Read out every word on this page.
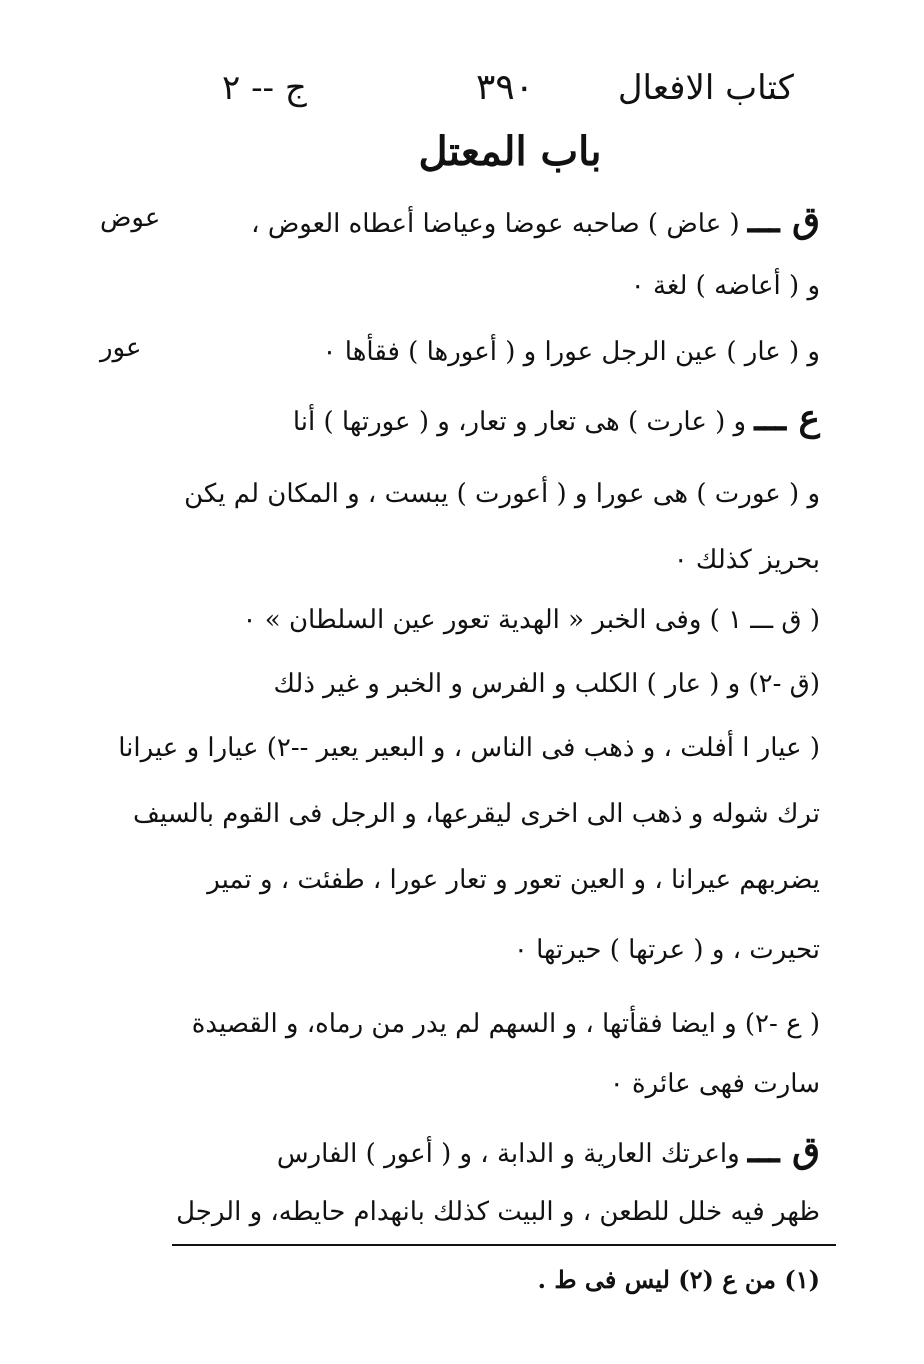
كتاب الافعال
٣٩٠
ج -- ٢
باب المعتل
عوض
عور
ق ـــ ( عاض ) صاحبه عوضا وعياضا أعطاه العوض ،
و ( أعاضه ) لغة ٠
و ( عار ) عين الرجل عورا و ( أعورها ) فقأها ٠
ع ـــ و ( عارت ) هى تعار و تعار، و ( عورتها ) أنا
و ( عورت ) هى عورا و ( أعورت ) يبست ، و المكان لم يكن
بحريز كذلك ٠
( ق ـــ ١ ) وفى الخبر « الهدية تعور عين السلطان » ٠
(ق -٢) و ( عار ) الكلب و الفرس و الخبر و غير ذلك
( عيار ا أفلت ، و ذهب فى الناس ، و البعير يعير --٢) عيارا و عيرانا
ترك شوله و ذهب الى اخرى ليقرعها، و الرجل فى القوم بالسيف
يضربهم عيرانا ، و العين تعور و تعار عورا ، طفئت ، و تمير
تحيرت ، و ( عرتها ) حيرتها ٠
( ع -٢) و ايضا فقأتها ، و السهم لم يدر من رماه، و القصيدة
سارت فهى عائرة ٠
ق ـــ واعرتك العارية و الدابة ، و ( أعور ) الفارس
ظهر فيه خلل للطعن ، و البيت كذلك بانهدام حايطه، و الرجل
(١) من ع (٢) ليس فى ط .
